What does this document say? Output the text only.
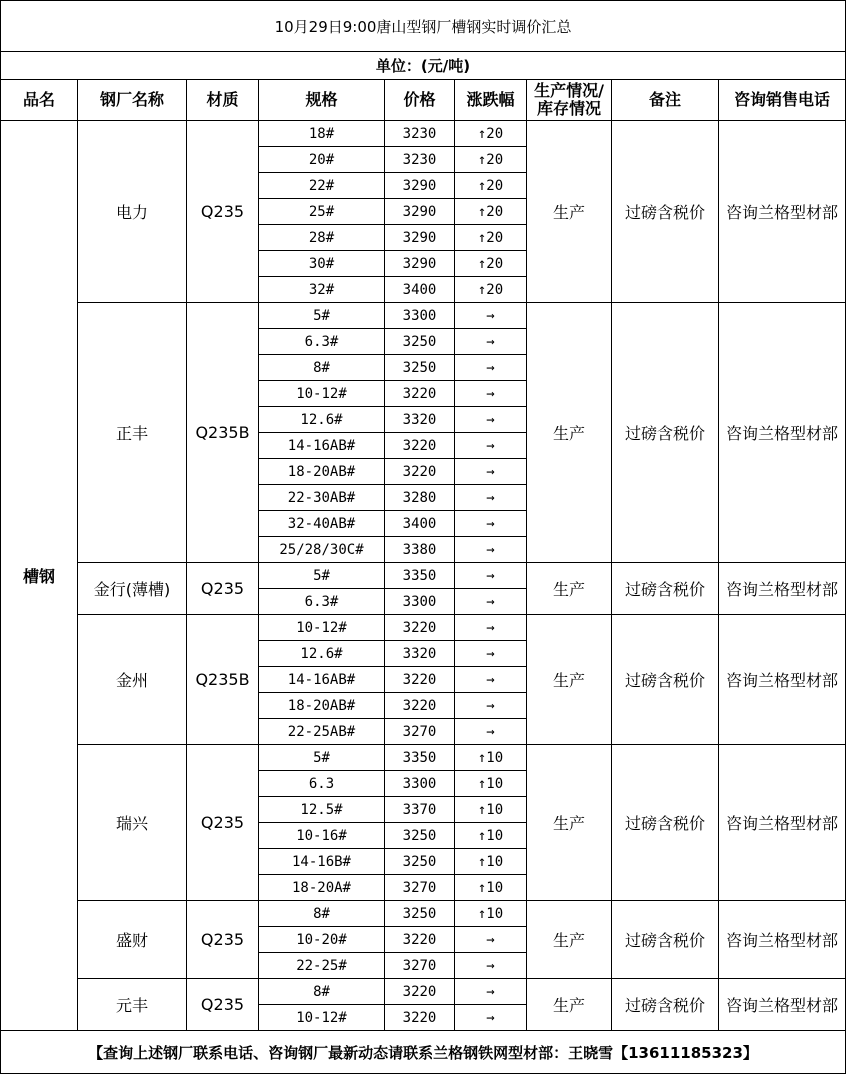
10月29日9:00唐山型钢厂槽钢实时调价汇总								
单位：(元/吨)								
品名	钢厂名称	材质	规格	价格	涨跌幅	生产情况/库存情况	备注	咨询销售电话
槽钢	电力	Q235	18#	3230	↑20	生产	过磅含税价	咨询兰格型材部
			20#	3230	↑20			
			22#	3290	↑20			
			25#	3290	↑20			
			28#	3290	↑20			
			30#	3290	↑20			
			32#	3400	↑20			
	正丰	Q235B	5#	3300	→	生产	过磅含税价	咨询兰格型材部
			6.3#	3250	→			
			8#	3250	→			
			10-12#	3220	→			
			12.6#	3320	→			
			14-16AB#	3220	→			
			18-20AB#	3220	→			
			22-30AB#	3280	→			
			32-40AB#	3400	→			
			25/28/30C#	3380	→			
	金行(薄槽)	Q235	5#	3350	→	生产	过磅含税价	咨询兰格型材部
			6.3#	3300	→			
	金州	Q235B	10-12#	3220	→	生产	过磅含税价	咨询兰格型材部
			12.6#	3320	→			
			14-16AB#	3220	→			
			18-20AB#	3220	→			
			22-25AB#	3270	→			
	瑞兴	Q235	5#	3350	↑10	生产	过磅含税价	咨询兰格型材部
			6.3	3300	↑10			
			12.5#	3370	↑10			
			10-16#	3250	↑10			
			14-16B#	3250	↑10			
			18-20A#	3270	↑10			
	盛财	Q235	8#	3250	↑10	生产	过磅含税价	咨询兰格型材部
			10-20#	3220	→			
			22-25#	3270	→			
	元丰	Q235	8#	3220	→	生产	过磅含税价	咨询兰格型材部
			10-12#	3220	→			
【查询上述钢厂联系电话、咨询钢厂最新动态请联系兰格钢铁网型材部：王晓雪【13611185323】								
